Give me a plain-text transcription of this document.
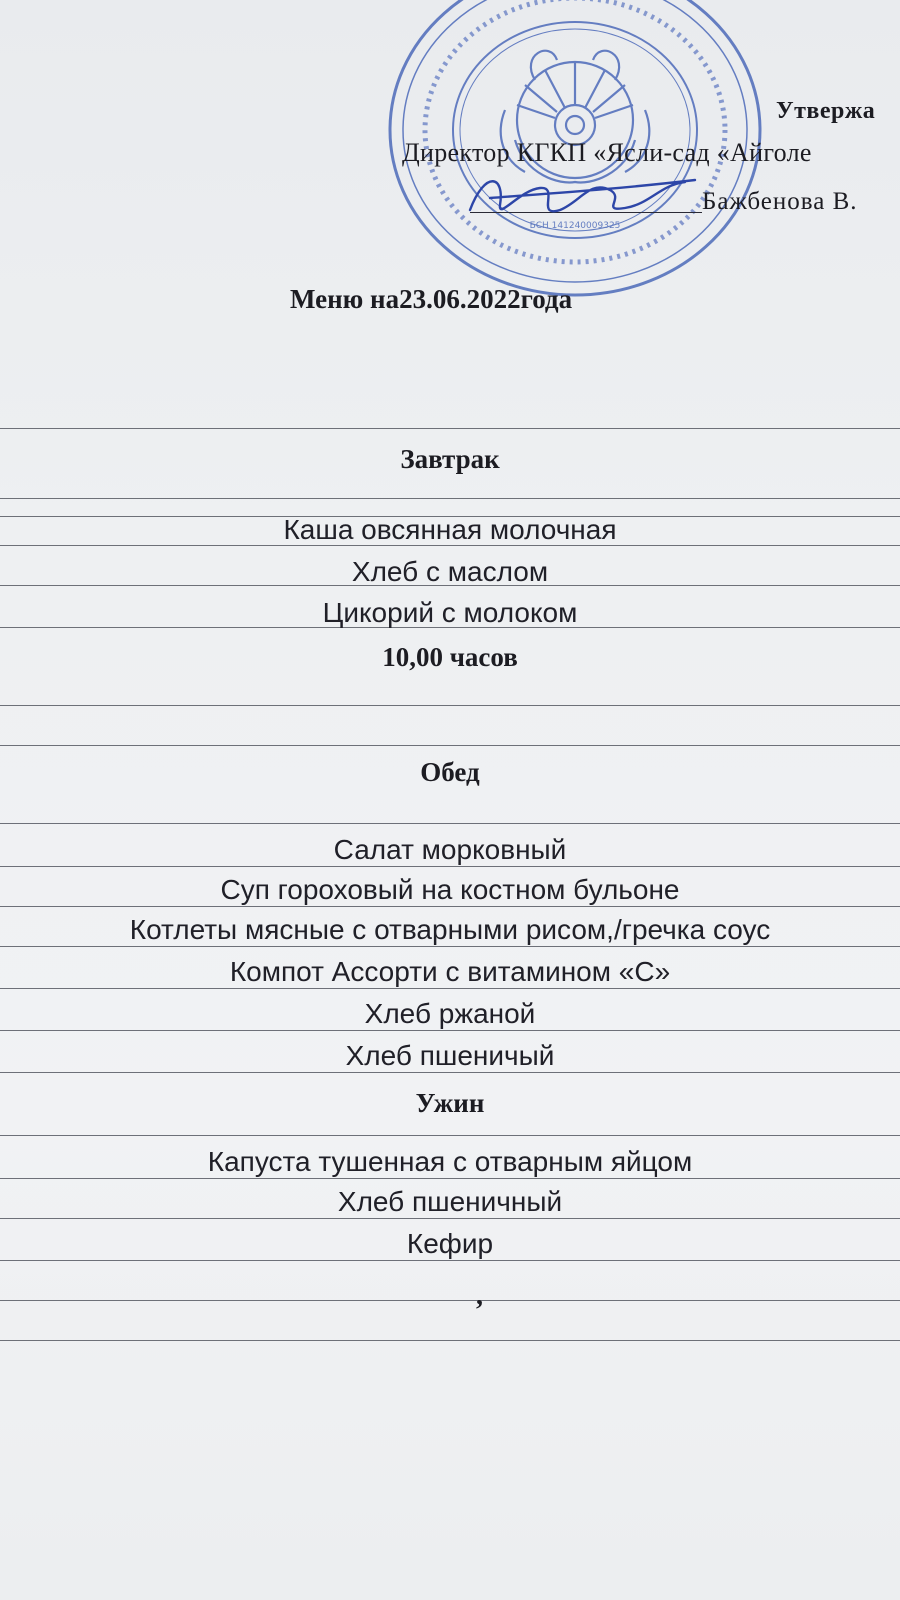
БСН 141240009325
Утвержа
Директор КГКП «Ясли-сад «Айголе
Бажбенова В.
Меню на23.06.2022года
Завтрак
Каша овсянная молочная
Хлеб с маслом
Цикорий с молоком
10,00 часов
Обед
Салат морковный
Суп гороховый на костном бульоне
Котлеты мясные с отварными рисом,/гречка соус
Компот Ассорти с витамином «С»
Хлеб ржаной
Хлеб пшеничый
Ужин
Капуста тушенная с отварным яйцом
Хлеб пшеничный
Кефир
,
